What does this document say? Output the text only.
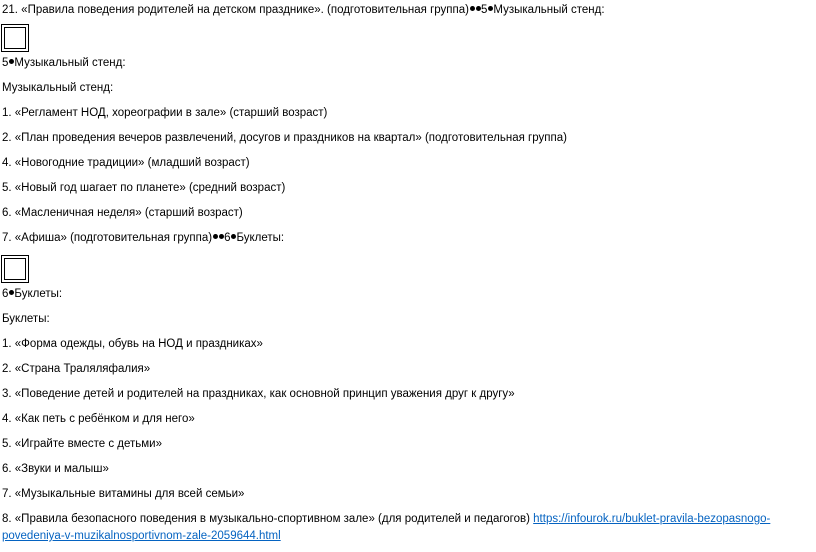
21. «Правила поведения родителей на детском празднике». (подготовительная группа) 5 Музыкальный стенд:
5 Музыкальный стенд:
Музыкальный стенд:
1. «Регламент НОД, хореографии в зале» (старший возраст)
2. «План проведения вечеров развлечений, досугов и праздников на квартал» (подготовительная группа)
4. «Новогодние традиции» (младший возраст)
5. «Новый год шагает по планете» (средний возраст)
6. «Масленичная неделя» (старший возраст)
7. «Афиша» (подготовительная группа) 6 Буклеты:
6 Буклеты:
Буклеты:
1. «Форма одежды, обувь на НОД и праздниках»
2. «Страна Траляляфалия»
3. «Поведение детей и родителей на праздниках, как основной принцип уважения друг к другу»
4. «Как петь с ребёнком и для него»
5. «Играйте вместе с детьми»
6. «Звуки и малыш»
7. «Музыкальные витамины для всей семьи»
8. «Правила безопасного поведения в музыкально-спортивном зале» (для родителей и педагогов) https://infourok.ru/buklet-pravila-bezopasnogo-
povedeniya-v-muzikalnosportivnom-zale-2059644.html
